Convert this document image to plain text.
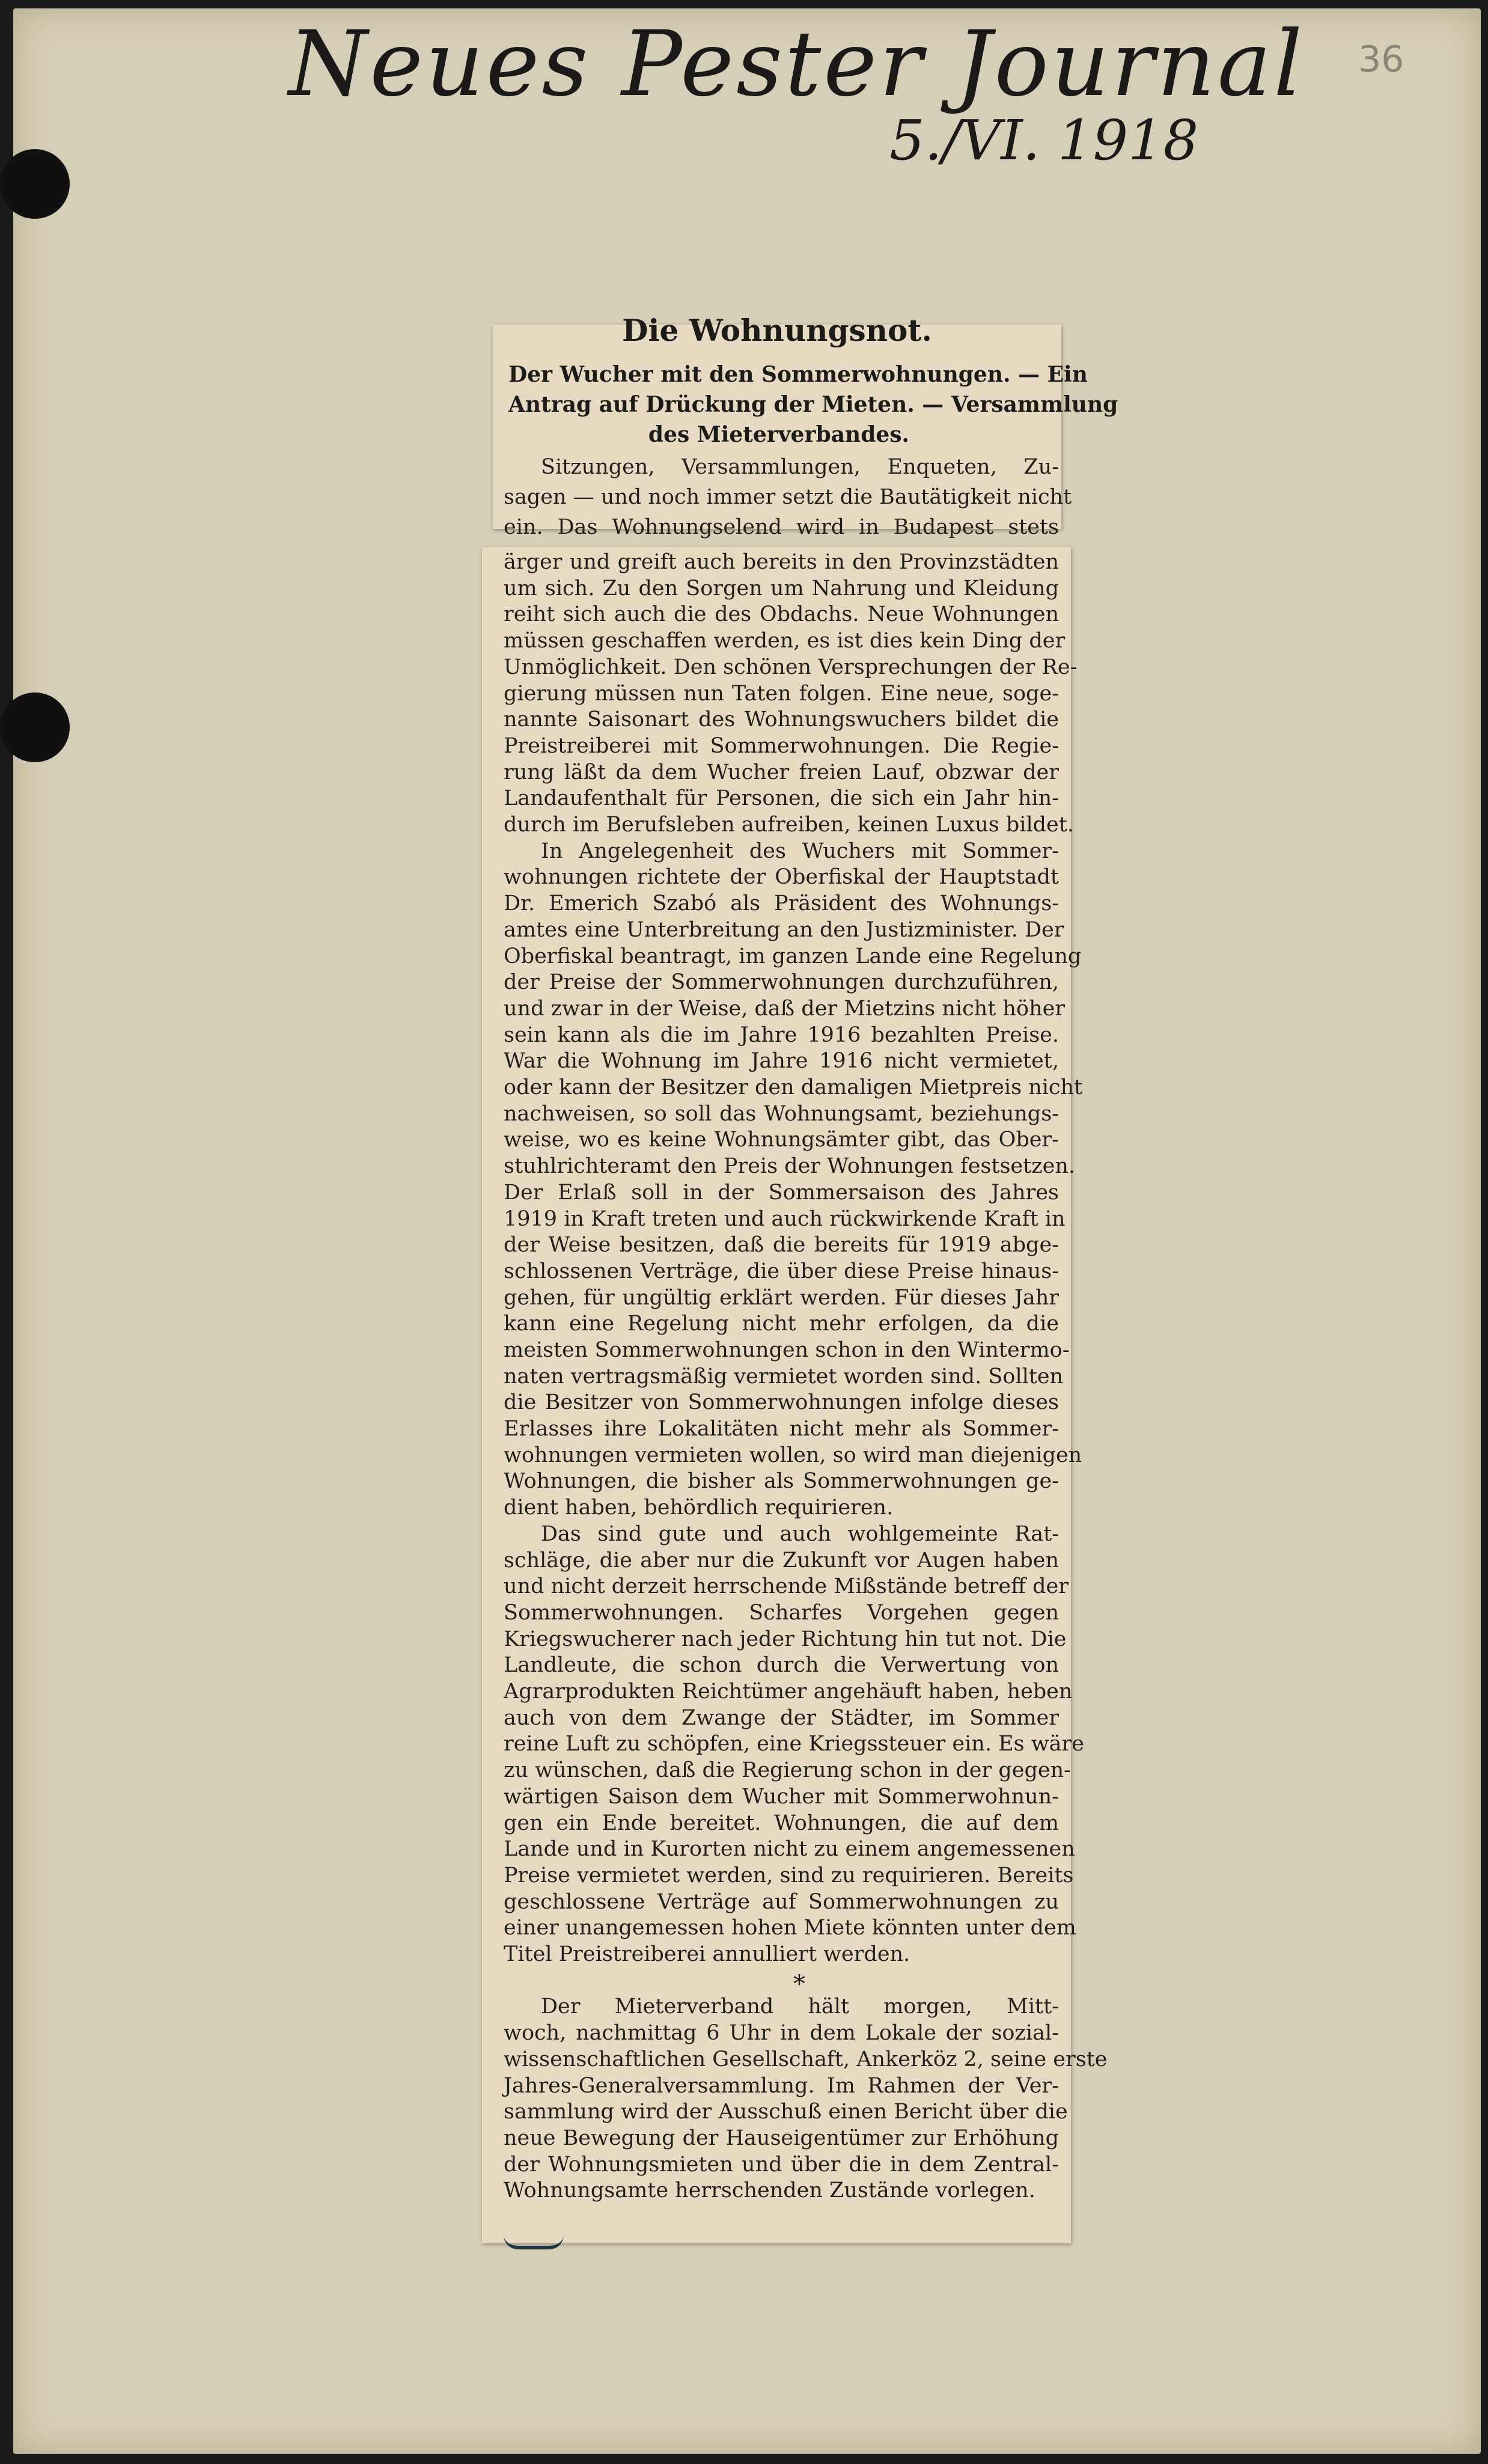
Neues Pester Journal
5./VI. 1918
36
Die Wohnungsnot.
Der Wucher mit den Sommerwohnungen. — Ein
Antrag auf Drückung der Mieten. — Versammlung
des Mieterverbandes.
Sitzungen, Versammlungen, Enqueten, Zu-
sagen — und noch immer setzt die Bautätigkeit nicht
ein. Das Wohnungselend wird in Budapest stets
ärger und greift auch bereits in den Provinzstädten
um sich. Zu den Sorgen um Nahrung und Kleidung
reiht sich auch die des Obdachs. Neue Wohnungen
müssen geschaffen werden, es ist dies kein Ding der
Unmöglichkeit. Den schönen Versprechungen der Re-
gierung müssen nun Taten folgen. Eine neue, soge-
nannte Saisonart des Wohnungswuchers bildet die
Preistreiberei mit Sommerwohnungen. Die Regie-
rung läßt da dem Wucher freien Lauf, obzwar der
Landaufenthalt für Personen, die sich ein Jahr hin-
durch im Berufsleben aufreiben, keinen Luxus bildet.
In Angelegenheit des Wuchers mit Sommer-
wohnungen richtete der Oberfiskal der Hauptstadt
Dr. Emerich Szabó als Präsident des Wohnungs-
amtes eine Unterbreitung an den Justizminister. Der
Oberfiskal beantragt, im ganzen Lande eine Regelung
der Preise der Sommerwohnungen durchzuführen,
und zwar in der Weise, daß der Mietzins nicht höher
sein kann als die im Jahre 1916 bezahlten Preise.
War die Wohnung im Jahre 1916 nicht vermietet,
oder kann der Besitzer den damaligen Mietpreis nicht
nachweisen, so soll das Wohnungsamt, beziehungs-
weise, wo es keine Wohnungsämter gibt, das Ober-
stuhlrichteramt den Preis der Wohnungen festsetzen.
Der Erlaß soll in der Sommersaison des Jahres
1919 in Kraft treten und auch rückwirkende Kraft in
der Weise besitzen, daß die bereits für 1919 abge-
schlossenen Verträge, die über diese Preise hinaus-
gehen, für ungültig erklärt werden. Für dieses Jahr
kann eine Regelung nicht mehr erfolgen, da die
meisten Sommerwohnungen schon in den Wintermo-
naten vertragsmäßig vermietet worden sind. Sollten
die Besitzer von Sommerwohnungen infolge dieses
Erlasses ihre Lokalitäten nicht mehr als Sommer-
wohnungen vermieten wollen, so wird man diejenigen
Wohnungen, die bisher als Sommerwohnungen ge-
dient haben, behördlich requirieren.
Das sind gute und auch wohlgemeinte Rat-
schläge, die aber nur die Zukunft vor Augen haben
und nicht derzeit herrschende Mißstände betreff der
Sommerwohnungen. Scharfes Vorgehen gegen
Kriegswucherer nach jeder Richtung hin tut not. Die
Landleute, die schon durch die Verwertung von
Agrarprodukten Reichtümer angehäuft haben, heben
auch von dem Zwange der Städter, im Sommer
reine Luft zu schöpfen, eine Kriegssteuer ein. Es wäre
zu wünschen, daß die Regierung schon in der gegen-
wärtigen Saison dem Wucher mit Sommerwohnun-
gen ein Ende bereitet. Wohnungen, die auf dem
Lande und in Kurorten nicht zu einem angemessenen
Preise vermietet werden, sind zu requirieren. Bereits
geschlossene Verträge auf Sommerwohnungen zu
einer unangemessen hohen Miete könnten unter dem
Titel Preistreiberei annulliert werden.
*
Der Mieterverband hält morgen, Mitt-
woch, nachmittag 6 Uhr in dem Lokale der sozial-
wissenschaftlichen Gesellschaft, Ankerköz 2, seine erste
Jahres-Generalversammlung. Im Rahmen der Ver-
sammlung wird der Ausschuß einen Bericht über die
neue Bewegung der Hauseigentümer zur Erhöhung
der Wohnungsmieten und über die in dem Zentral-
Wohnungsamte herrschenden Zustände vorlegen.
